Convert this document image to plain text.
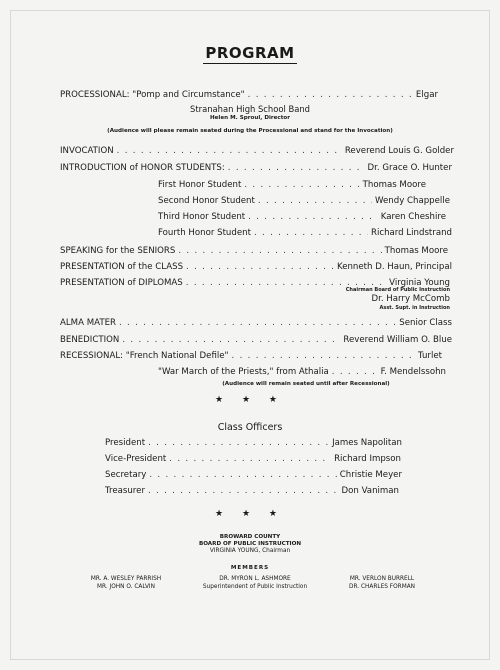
PROGRAM
PROCESSIONAL: "Pomp and Circumstance" . . .	Elgar
Stranahan High School Band
Helen M. Sproul, Director
(Audience will please remain seated during the Processional and stand for the Invocation)
INVOCATION . . .	Reverend Louis G. Golder
INTRODUCTION of HONOR STUDENTS: . . .	Dr. Grace O. Hunter
First Honor Student . . .	Thomas Moore
Second Honor Student . . .	Wendy Chappelle
Third Honor Student . . .	Karen Cheshire
Fourth Honor Student . . .	Richard Lindstrand
SPEAKING for the SENIORS . . .	Thomas Moore
PRESENTATION of the CLASS . . .	Kenneth D. Haun, Principal
PRESENTATION of DIPLOMAS . . .	Virginia Young
Chairman Board of Public Instruction
Dr. Harry McComb
Asst. Supt. in Instruction
ALMA MATER . . .	Senior Class
BENEDICTION . . .	Reverend William O. Blue
RECESSIONAL: "French National Defile" . . .	Turlet
"War March of the Priests," from Athalia . . .	F. Mendelssohn
(Audience will remain seated until after Recessional)
★ ★ ★
Class Officers
President . . .	James Napolitan
Vice-President . . .	Richard Impson
Secretary . . .	Christie Meyer
Treasurer . . .	Don Vaniman
★ ★ ★
BROWARD COUNTY
BOARD OF PUBLIC INSTRUCTION
VIRGINIA YOUNG, Chairman
MEMBERS
MR. A. WESLEY PARRISH
MR. JOHN O. CALVIN
DR. MYRON L. ASHMORE
Superintendent of Public Instruction
MR. VERLON BURRELL
DR. CHARLES FORMAN
